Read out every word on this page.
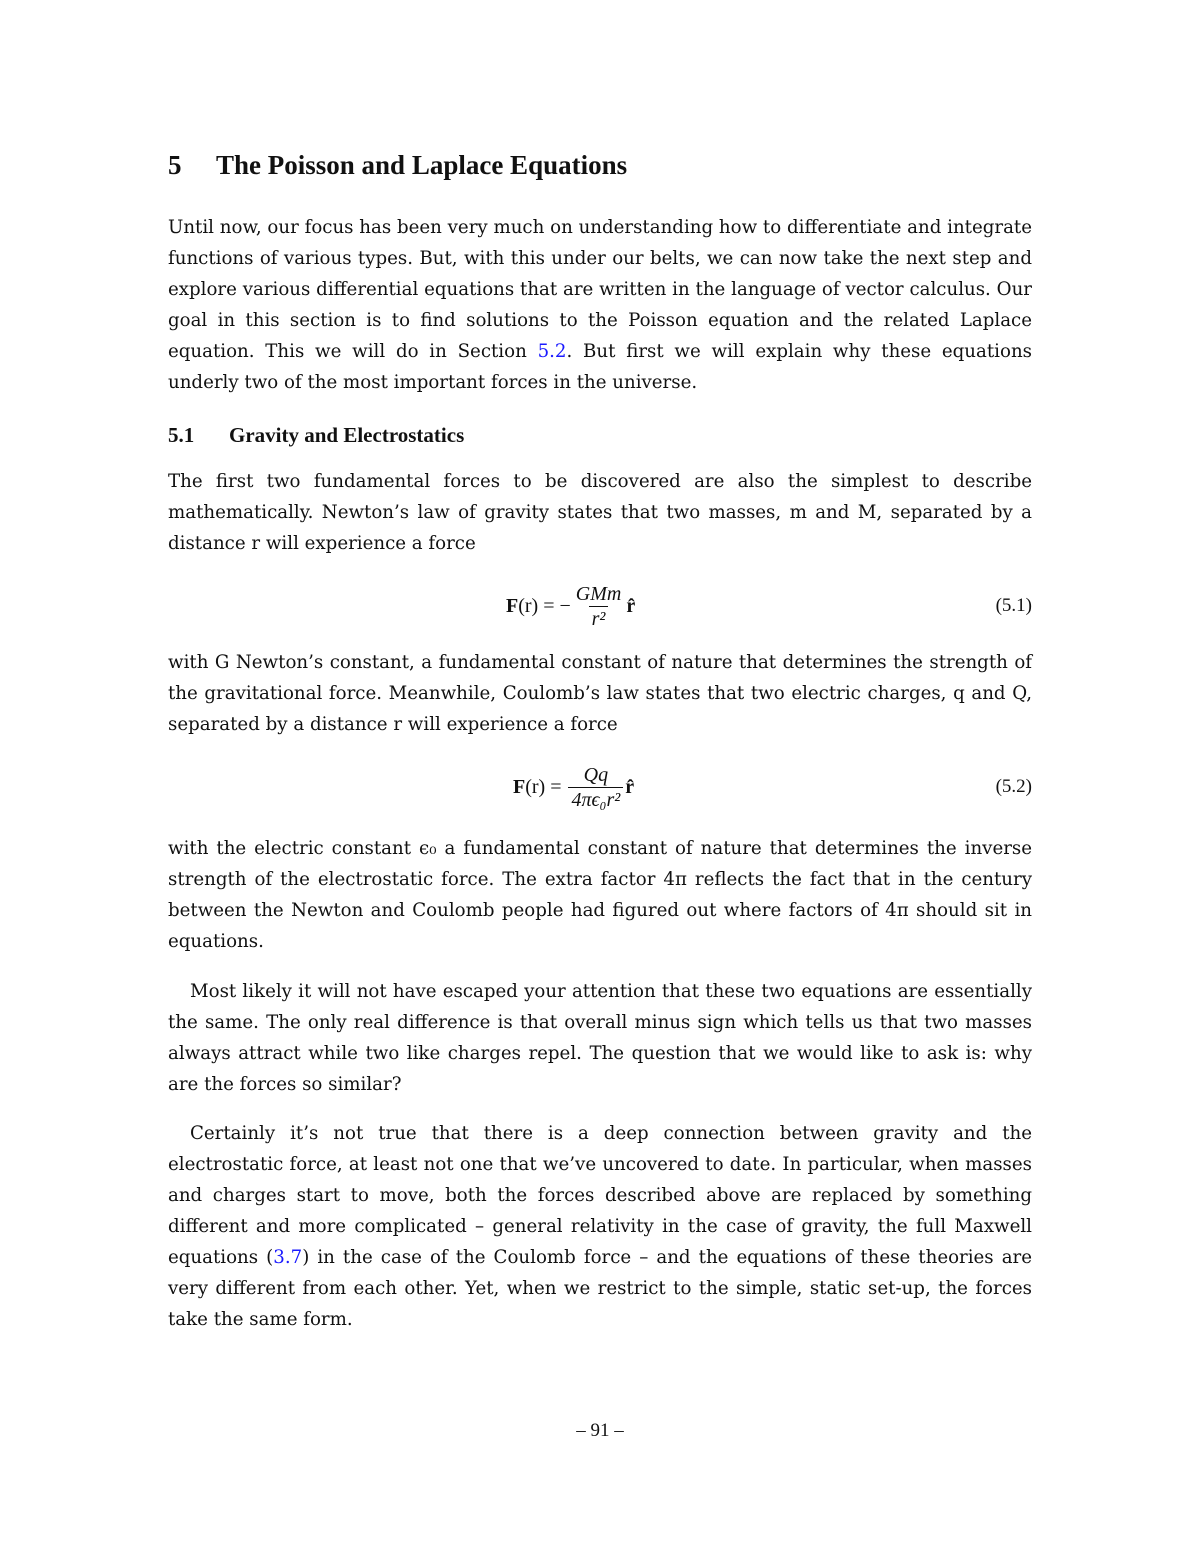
5 The Poisson and Laplace Equations

Until now, our focus has been very much on understanding how to differentiate and integrate functions of various types. But, with this under our belts, we can now take the next step and explore various differential equations that are written in the language of vector calculus. Our goal in this section is to find solutions to the Poisson equation and the related Laplace equation. This we will do in Section 5.2. But first we will explain why these equations underly two of the most important forces in the universe.

5.1 Gravity and Electrostatics

The first two fundamental forces to be discovered are also the simplest to describe mathematically. Newton’s law of gravity states that two masses, m and M, separated by a distance r will experience a force

F (r) = − $\frac{\text{GMm}}{\text{r²}}$ r̂	(5.1)

with G Newton’s constant, a fundamental constant of nature that determines the strength of the gravitational force. Meanwhile, Coulomb’s law states that two electric charges, q and Q, separated by a distance r will experience a force

F $(r) = \frac{Qq}{\text{4πϵ₀r²}}$ r̂	(5.2)

with the electric constant ϵ₀ a fundamental constant of nature that determines the inverse strength of the electrostatic force. The extra factor 4π reflects the fact that in the century between the Newton and Coulomb people had figured out where factors of 4π should sit in equations.

Most likely it will not have escaped your attention that these two equations are essentially the same. The only real difference is that overall minus sign which tells us that two masses always attract while two like charges repel. The question that we would like to ask is: why are the forces so similar?

Certainly it’s not true that there is a deep connection between gravity and the electrostatic force, at least not one that we’ve uncovered to date. In particular, when masses and charges start to move, both the forces described above are replaced by something different and more complicated – general relativity in the case of gravity, the full Maxwell equations (3.7) in the case of the Coulomb force – and the equations of these theories are very different from each other. Yet, when we restrict to the simple, static set-up, the forces take the same form.

– 91 –
